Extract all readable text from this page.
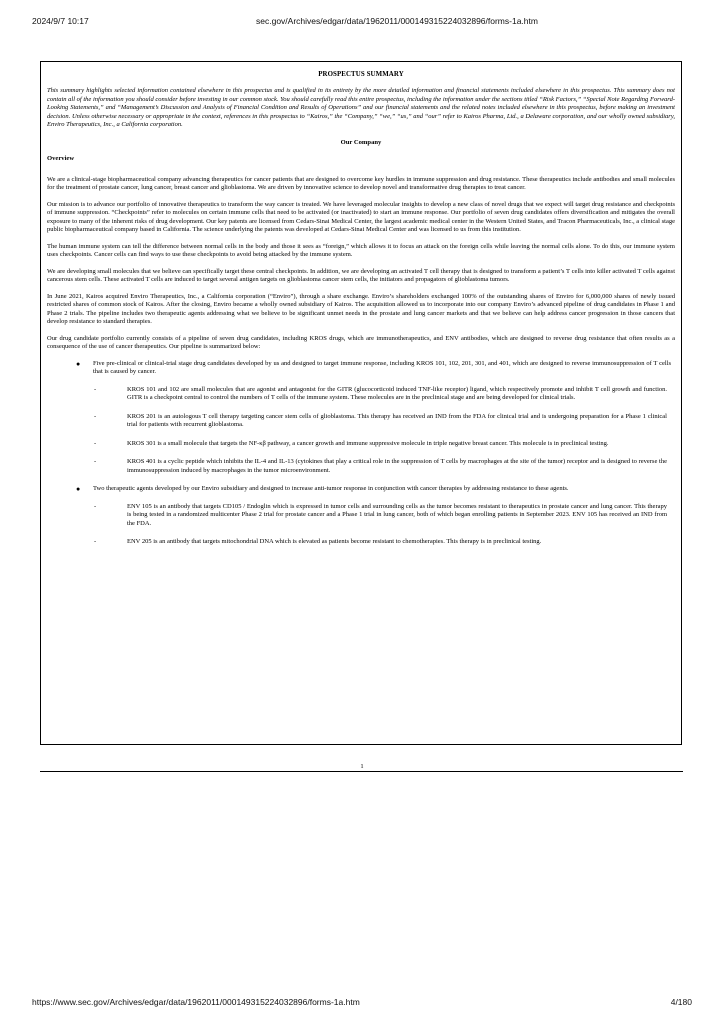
2024/9/7 10:17	sec.gov/Archives/edgar/data/1962011/000149315224032896/forms-1a.htm
PROSPECTUS SUMMARY
This summary highlights selected information contained elsewhere in this prospectus and is qualified in its entirety by the more detailed information and financial statements included elsewhere in this prospectus. This summary does not contain all of the information you should consider before investing in our common stock. You should carefully read this entire prospectus, including the information under the sections titled “Risk Factors,” “Special Note Regarding Forward-Looking Statements,” and “Management’s Discussion and Analysis of Financial Condition and Results of Operations” and our financial statements and the related notes included elsewhere in this prospectus, before making an investment decision. Unless otherwise necessary or appropriate in the context, references in this prospectus to “Kairos,” the “Company,” “we,” “us,” and “our” refer to Kairos Pharma, Ltd., a Delaware corporation, and our wholly owned subsidiary, Enviro Therapeutics, Inc., a California corporation.
Our Company
Overview
We are a clinical-stage biopharmaceutical company advancing therapeutics for cancer patients that are designed to overcome key hurdles in immune suppression and drug resistance. These therapeutics include antibodies and small molecules for the treatment of prostate cancer, lung cancer, breast cancer and glioblastoma. We are driven by innovative science to develop novel and transformative drug therapies to treat cancer.
Our mission is to advance our portfolio of innovative therapeutics to transform the way cancer is treated. We have leveraged molecular insights to develop a new class of novel drugs that we expect will target drug resistance and checkpoints of immune suppression. “Checkpoints” refer to molecules on certain immune cells that need to be activated (or inactivated) to start an immune response. Our portfolio of seven drug candidates offers diversification and mitigates the overall exposure to many of the inherent risks of drug development. Our key patents are licensed from Cedars-Sinai Medical Center, the largest academic medical center in the Western United States, and Tracon Pharmaceuticals, Inc., a clinical stage public biopharmaceutical company based in California. The science underlying the patents was developed at Cedars-Sinai Medical Center and was licensed to us from this institution.
The human immune system can tell the difference between normal cells in the body and those it sees as “foreign,” which allows it to focus an attack on the foreign cells while leaving the normal cells alone. To do this, our immune system uses checkpoints. Cancer cells can find ways to use these checkpoints to avoid being attacked by the immune system.
We are developing small molecules that we believe can specifically target these central checkpoints. In addition, we are developing an activated T cell therapy that is designed to transform a patient’s T cells into killer activated T cells against cancerous stem cells. These activated T cells are induced to target several antigen targets on glioblastoma cancer stem cells, the initiators and propagators of glioblastoma tumors.
In June 2021, Kairos acquired Enviro Therapeutics, Inc., a California corporation (“Enviro”), through a share exchange. Enviro’s shareholders exchanged 100% of the outstanding shares of Enviro for 6,000,000 shares of newly issued restricted shares of common stock of Kairos. After the closing, Enviro became a wholly owned subsidiary of Kairos. The acquisition allowed us to incorporate into our company Enviro’s advanced pipeline of drug candidates in Phase 1 and Phase 2 trials. The pipeline includes two therapeutic agents addressing what we believe to be significant unmet needs in the prostate and lung cancer markets and that we believe can help address cancer progression in those cancers that develop resistance to standard therapies.
Our drug candidate portfolio currently consists of a pipeline of seven drug candidates, including KROS drugs, which are immunotherapeutics, and ENV antibodies, which are designed to reverse drug resistance that often results as a consequence of the use of cancer therapeutics. Our pipeline is summarized below:
● Five pre-clinical or clinical-trial stage drug candidates developed by us and designed to target immune response, including KROS 101, 102, 201, 301, and 401, which are designed to reverse immunosuppression of T cells that is caused by cancer.
-	KROS 101 and 102 are small molecules that are agonist and antagonist for the GITR (glucocorticoid induced TNF-like receptor) ligand, which respectively promote and inhibit T cell growth and function. GITR is a checkpoint central to control the numbers of T cells of the immune system. These molecules are in the preclinical stage and are being developed for clinical trials.
-	KROS 201 is an autologous T cell therapy targeting cancer stem cells of glioblastoma. This therapy has received an IND from the FDA for clinical trial and is undergoing preparation for a Phase 1 clinical trial for patients with recurrent glioblastoma.
-	KROS 301 is a small molecule that targets the NF-κβ pathway, a cancer growth and immune suppressive molecule in triple negative breast cancer. This molecule is in preclinical testing.
-	KROS 401 is a cyclic peptide which inhibits the IL-4 and IL-13 (cytokines that play a critical role in the suppression of T cells by macrophages at the site of the tumor) receptor and is designed to reverse the immunosuppression induced by macrophages in the tumor microenvironment.
● Two therapeutic agents developed by our Enviro subsidiary and designed to increase anti-tumor response in conjunction with cancer therapies by addressing resistance to these agents.
-	ENV 105 is an antibody that targets CD105 / Endoglin which is expressed in tumor cells and surrounding cells as the tumor becomes resistant to therapeutics in prostate cancer and lung cancer. This therapy is being tested in a randomized multicenter Phase 2 trial for prostate cancer and a Phase 1 trial in lung cancer, both of which began enrolling patients in September 2023. ENV 105 has received an IND from the FDA.
-	ENV 205 is an antibody that targets mitochondrial DNA which is elevated as patients become resistant to chemotherapies. This therapy is in preclinical testing.
1
https://www.sec.gov/Archives/edgar/data/1962011/000149315224032896/forms-1a.htm	4/180
